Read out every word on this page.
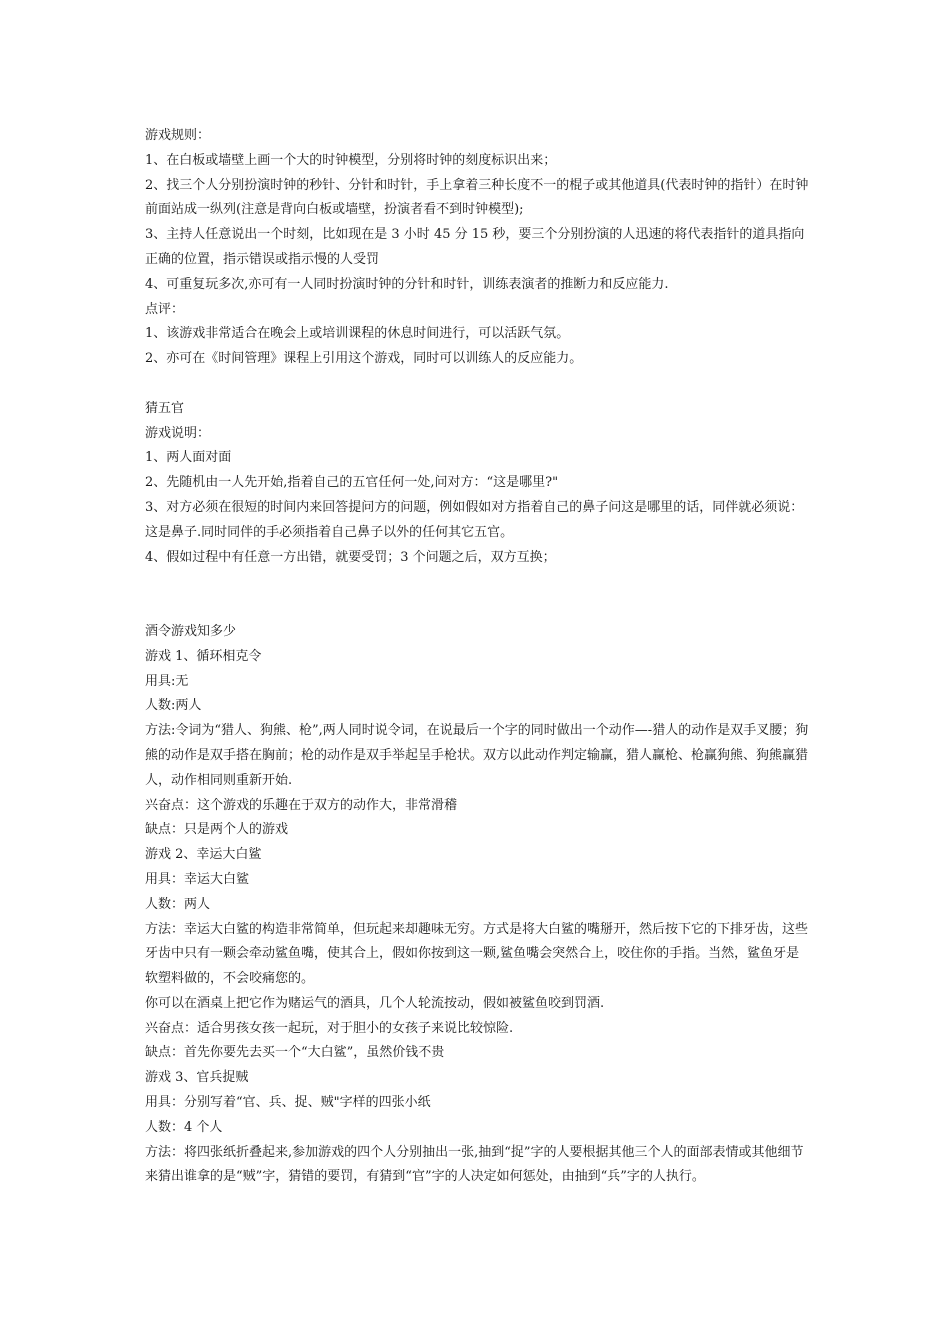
游戏规则：

1、在白板或墙壁上画一个大的时钟模型，分别将时钟的刻度标识出来；

2、找三个人分别扮演时钟的秒针、分针和时针，手上拿着三种长度不一的棍子或其他道具(代表时钟的指针）在时钟前面站成一纵列(注意是背向白板或墙壁，扮演者看不到时钟模型);

3、主持人任意说出一个时刻，比如现在是 3 小时 45 分 15 秒，要三个分别扮演的人迅速的将代表指针的道具指向正确的位置，指示错误或指示慢的人受罚

4、可重复玩多次,亦可有一人同时扮演时钟的分针和时针，训练表演者的推断力和反应能力.

点评：

1、该游戏非常适合在晚会上或培训课程的休息时间进行，可以活跃气氛。

2、亦可在《时间管理》课程上引用这个游戏，同时可以训练人的反应能力。

猜五官

游戏说明：

1、两人面对面

2、先随机由一人先开始,指着自己的五官任何一处,问对方：“这是哪里?"

3、对方必须在很短的时间内来回答提问方的问题，例如假如对方指着自己的鼻子问这是哪里的话，同伴就必须说：这是鼻子.同时同伴的手必须指着自己鼻子以外的任何其它五官。

4、假如过程中有任意一方出错，就要受罚；3 个问题之后，双方互换；

酒令游戏知多少

游戏 1、循环相克令

用具:无

人数:两人

方法:令词为“猎人、狗熊、枪”,两人同时说令词，在说最后一个字的同时做出一个动作—-猎人的动作是双手叉腰；狗熊的动作是双手搭在胸前；枪的动作是双手举起呈手枪状。双方以此动作判定输赢，猎人赢枪、枪赢狗熊、狗熊赢猎人，动作相同则重新开始.

兴奋点：这个游戏的乐趣在于双方的动作大，非常滑稽

缺点：只是两个人的游戏

游戏 2、幸运大白鲨

用具：幸运大白鲨

人数：两人

方法：幸运大白鲨的构造非常简单，但玩起来却趣味无穷。方式是将大白鲨的嘴掰开，然后按下它的下排牙齿，这些牙齿中只有一颗会牵动鲨鱼嘴，使其合上，假如你按到这一颗,鲨鱼嘴会突然合上，咬住你的手指。当然，鲨鱼牙是软塑料做的，不会咬痛您的。

你可以在酒桌上把它作为赌运气的酒具，几个人轮流按动，假如被鲨鱼咬到罚酒.

兴奋点：适合男孩女孩一起玩，对于胆小的女孩子来说比较惊险.

缺点：首先你要先去买一个“大白鲨”，虽然价钱不贵

游戏 3、官兵捉贼

用具：分别写着“官、兵、捉、贼"字样的四张小纸

人数：4 个人

方法：将四张纸折叠起来,参加游戏的四个人分别抽出一张,抽到“捉”字的人要根据其他三个人的面部表情或其他细节来猜出谁拿的是“贼”字，猜错的要罚，有猜到“官”字的人决定如何惩处，由抽到“兵”字的人执行。
